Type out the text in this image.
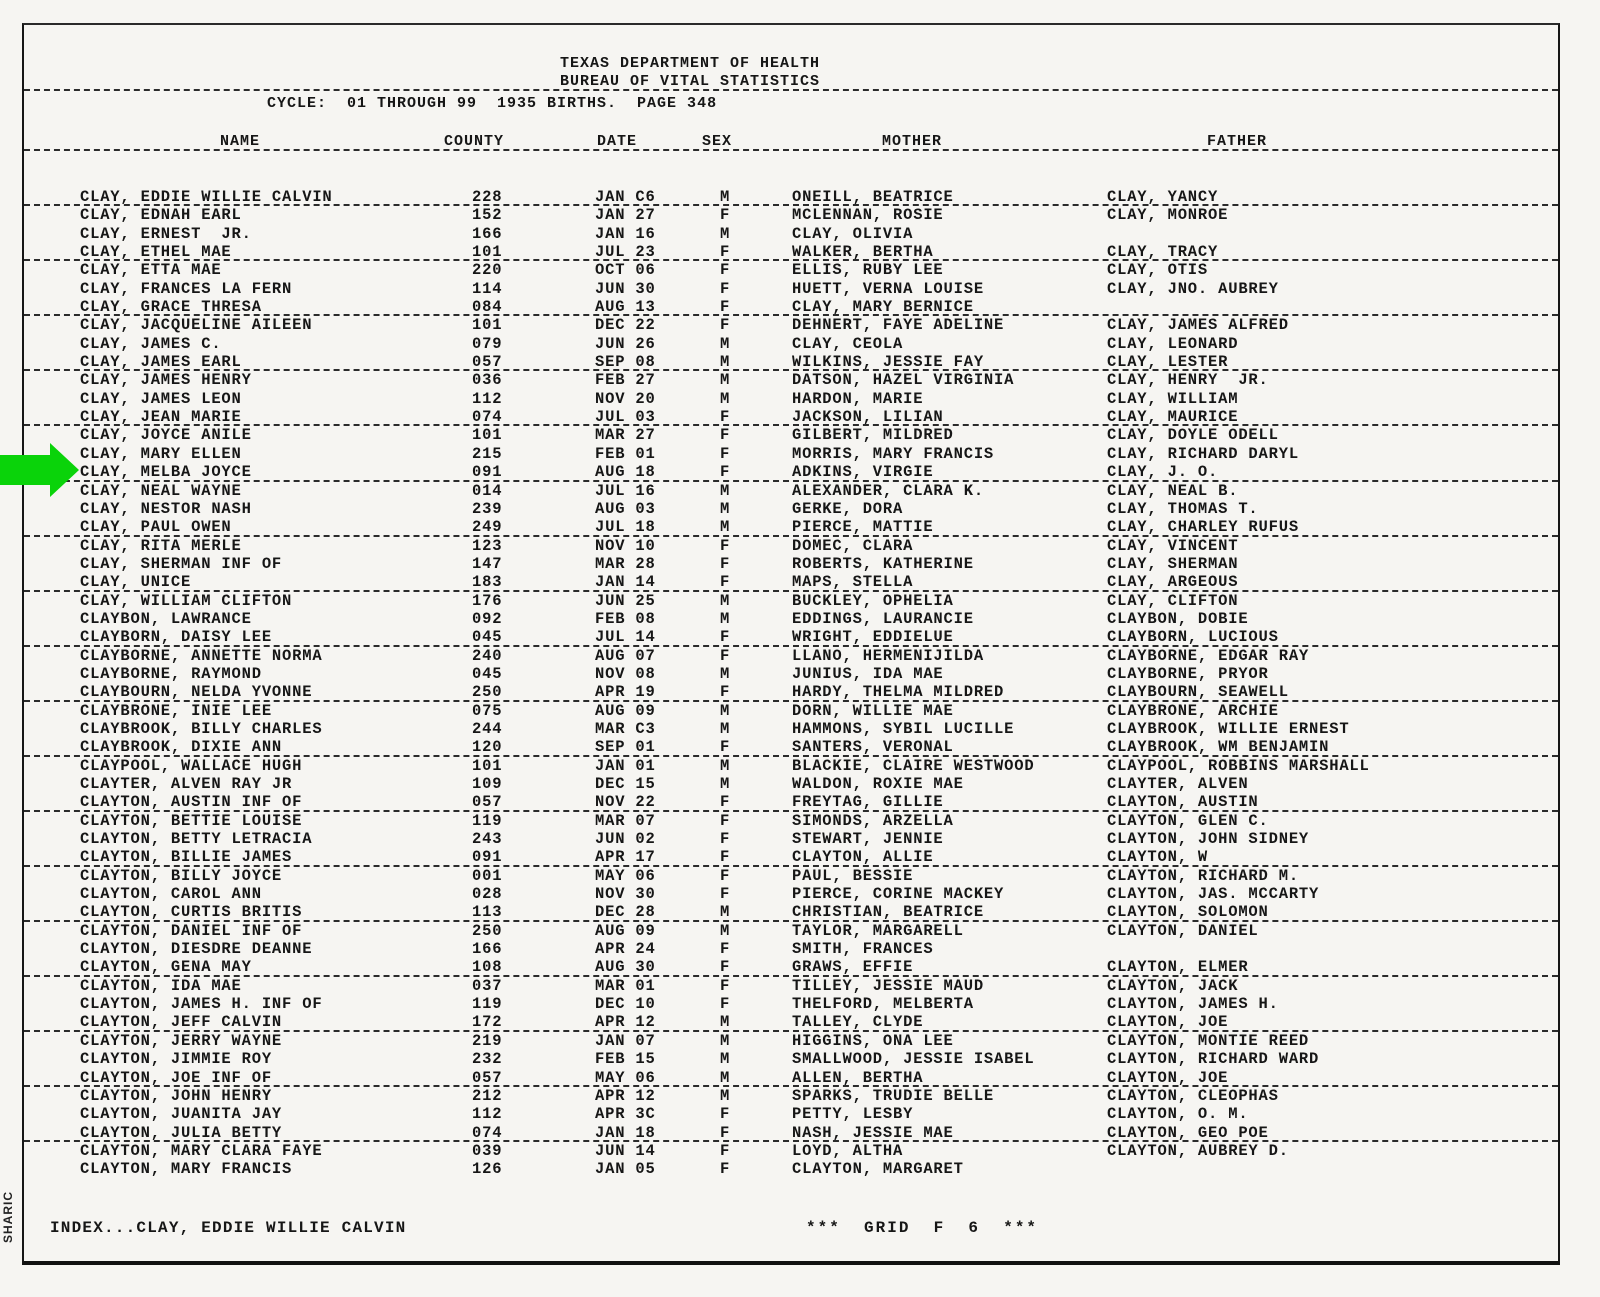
TEXAS DEPARTMENT OF HEALTH
BUREAU OF VITAL STATISTICS
CYCLE:  01 THROUGH 99  1935 BIRTHS.  PAGE 348
NAME	COUNTY	DATE	SEX	MOTHER	FATHER
CLAY, EDDIE WILLIE CALVIN	228	JAN C6	M	ONEILL, BEATRICE	CLAY, YANCY
CLAY, EDNAH EARL	152	JAN 27	F	MCLENNAN, ROSIE	CLAY, MONROE
CLAY, ERNEST  JR.	166	JAN 16	M	CLAY, OLIVIA
CLAY, ETHEL MAE	101	JUL 23	F	WALKER, BERTHA	CLAY, TRACY
CLAY, ETTA MAE	220	OCT 06	F	ELLIS, RUBY LEE	CLAY, OTIS
CLAY, FRANCES LA FERN	114	JUN 30	F	HUETT, VERNA LOUISE	CLAY, JNO. AUBREY
CLAY, GRACE THRESA	084	AUG 13	F	CLAY, MARY BERNICE
CLAY, JACQUELINE AILEEN	101	DEC 22	F	DEHNERT, FAYE ADELINE	CLAY, JAMES ALFRED
CLAY, JAMES C.	079	JUN 26	M	CLAY, CEOLA	CLAY, LEONARD
CLAY, JAMES EARL	057	SEP 08	M	WILKINS, JESSIE FAY	CLAY, LESTER
CLAY, JAMES HENRY	036	FEB 27	M	DATSON, HAZEL VIRGINIA	CLAY, HENRY  JR.
CLAY, JAMES LEON	112	NOV 20	M	HARDON, MARIE	CLAY, WILLIAM
CLAY, JEAN MARIE	074	JUL 03	F	JACKSON, LILIAN	CLAY, MAURICE
CLAY, JOYCE ANILE	101	MAR 27	F	GILBERT, MILDRED	CLAY, DOYLE ODELL
CLAY, MARY ELLEN	215	FEB 01	F	MORRIS, MARY FRANCIS	CLAY, RICHARD DARYL
CLAY, MELBA JOYCE	091	AUG 18	F	ADKINS, VIRGIE	CLAY, J. O.
CLAY, NEAL WAYNE	014	JUL 16	M	ALEXANDER, CLARA K.	CLAY, NEAL B.
CLAY, NESTOR NASH	239	AUG 03	M	GERKE, DORA	CLAY, THOMAS T.
CLAY, PAUL OWEN	249	JUL 18	M	PIERCE, MATTIE	CLAY, CHARLEY RUFUS
CLAY, RITA MERLE	123	NOV 10	F	DOMEC, CLARA	CLAY, VINCENT
CLAY, SHERMAN INF OF	147	MAR 28	F	ROBERTS, KATHERINE	CLAY, SHERMAN
CLAY, UNICE	183	JAN 14	F	MAPS, STELLA	CLAY, ARGEOUS
CLAY, WILLIAM CLIFTON	176	JUN 25	M	BUCKLEY, OPHELIA	CLAY, CLIFTON
CLAYBON, LAWRANCE	092	FEB 08	M	EDDINGS, LAURANCIE	CLAYBON, DOBIE
CLAYBORN, DAISY LEE	045	JUL 14	F	WRIGHT, EDDIELUE	CLAYBORN, LUCIOUS
CLAYBORNE, ANNETTE NORMA	240	AUG 07	F	LLANO, HERMENIJILDA	CLAYBORNE, EDGAR RAY
CLAYBORNE, RAYMOND	045	NOV 08	M	JUNIUS, IDA MAE	CLAYBORNE, PRYOR
CLAYBOURN, NELDA YVONNE	250	APR 19	F	HARDY, THELMA MILDRED	CLAYBOURN, SEAWELL
CLAYBRONE, INIE LEE	075	AUG 09	M	DORN, WILLIE MAE	CLAYBRONE, ARCHIE
CLAYBROOK, BILLY CHARLES	244	MAR C3	M	HAMMONS, SYBIL LUCILLE	CLAYBROOK, WILLIE ERNEST
CLAYBROOK, DIXIE ANN	120	SEP 01	F	SANTERS, VERONAL	CLAYBROOK, WM BENJAMIN
CLAYPOOL, WALLACE HUGH	101	JAN 01	M	BLACKIE, CLAIRE WESTWOOD	CLAYPOOL, ROBBINS MARSHALL
CLAYTER, ALVEN RAY JR	109	DEC 15	M	WALDON, ROXIE MAE	CLAYTER, ALVEN
CLAYTON, AUSTIN INF OF	057	NOV 22	F	FREYTAG, GILLIE	CLAYTON, AUSTIN
CLAYTON, BETTIE LOUISE	119	MAR 07	F	SIMONDS, ARZELLA	CLAYTON, GLEN C.
CLAYTON, BETTY LETRACIA	243	JUN 02	F	STEWART, JENNIE	CLAYTON, JOHN SIDNEY
CLAYTON, BILLIE JAMES	091	APR 17	F	CLAYTON, ALLIE	CLAYTON, W
CLAYTON, BILLY JOYCE	001	MAY 06	F	PAUL, BESSIE	CLAYTON, RICHARD M.
CLAYTON, CAROL ANN	028	NOV 30	F	PIERCE, CORINE MACKEY	CLAYTON, JAS. MCCARTY
CLAYTON, CURTIS BRITIS	113	DEC 28	M	CHRISTIAN, BEATRICE	CLAYTON, SOLOMON
CLAYTON, DANIEL INF OF	250	AUG 09	M	TAYLOR, MARGARELL	CLAYTON, DANIEL
CLAYTON, DIESDRE DEANNE	166	APR 24	F	SMITH, FRANCES
CLAYTON, GENA MAY	108	AUG 30	F	GRAWS, EFFIE	CLAYTON, ELMER
CLAYTON, IDA MAE	037	MAR 01	F	TILLEY, JESSIE MAUD	CLAYTON, JACK
CLAYTON, JAMES H. INF OF	119	DEC 10	F	THELFORD, MELBERTA	CLAYTON, JAMES H.
CLAYTON, JEFF CALVIN	172	APR 12	M	TALLEY, CLYDE	CLAYTON, JOE
CLAYTON, JERRY WAYNE	219	JAN 07	M	HIGGINS, ONA LEE	CLAYTON, MONTIE REED
CLAYTON, JIMMIE ROY	232	FEB 15	M	SMALLWOOD, JESSIE ISABEL	CLAYTON, RICHARD WARD
CLAYTON, JOE INF OF	057	MAY 06	M	ALLEN, BERTHA	CLAYTON, JOE
CLAYTON, JOHN HENRY	212	APR 12	M	SPARKS, TRUDIE BELLE	CLAYTON, CLEOPHAS
CLAYTON, JUANITA JAY	112	APR 3C	F	PETTY, LESBY	CLAYTON, O. M.
CLAYTON, JULIA BETTY	074	JAN 18	F	NASH, JESSIE MAE	CLAYTON, GEO POE
CLAYTON, MARY CLARA FAYE	039	JUN 14	F	LOYD, ALTHA	CLAYTON, AUBREY D.
CLAYTON, MARY FRANCIS	126	JAN 05	F	CLAYTON, MARGARET
INDEX...CLAY, EDDIE WILLIE CALVIN	***  GRID  F  6  ***
SHARIC
